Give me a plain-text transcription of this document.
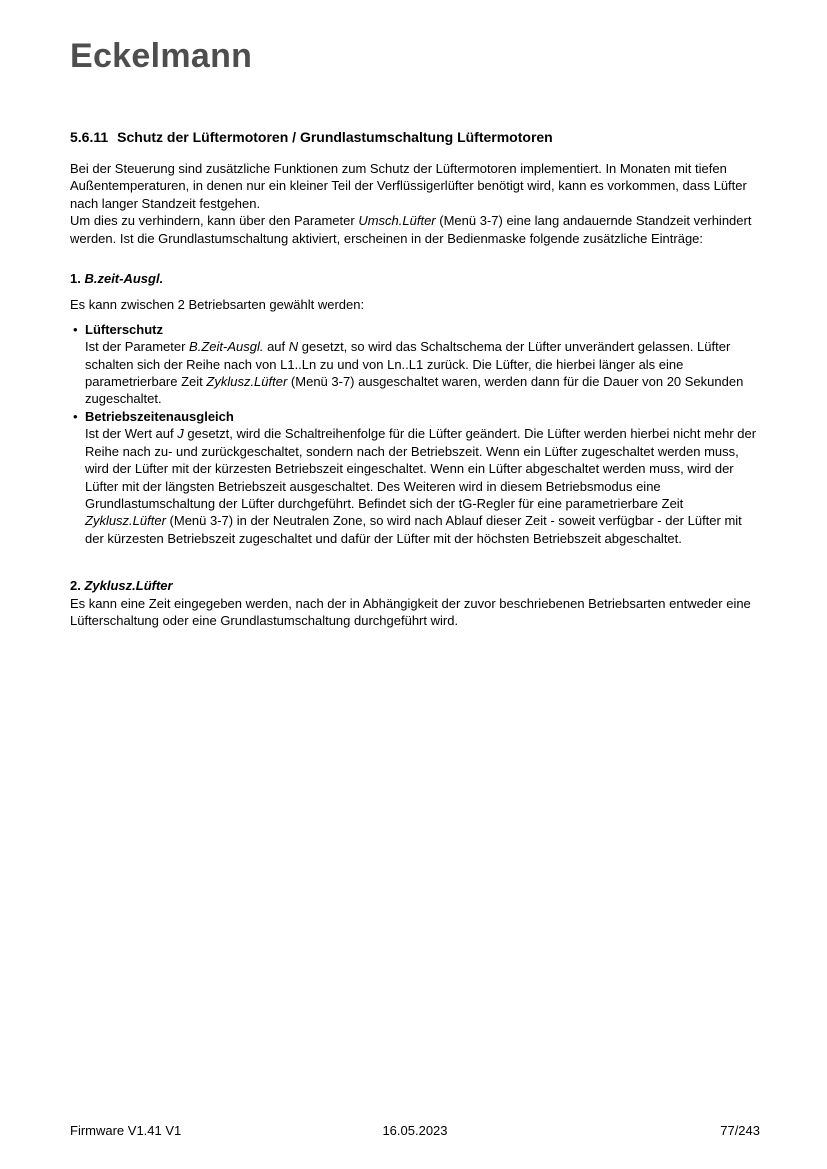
Eckelmann
5.6.11 Schutz der Lüftermotoren / Grundlastumschaltung Lüftermotoren

Bei der Steuerung sind zusätzliche Funktionen zum Schutz der Lüftermotoren implementiert. In Monaten mit tiefen Außentemperaturen, in denen nur ein kleiner Teil der Verflüssigerlüfter benötigt wird, kann es vorkommen, dass Lüfter nach langer Standzeit festgehen.
Um dies zu verhindern, kann über den Parameter Umsch.Lüfter (Menü 3-7) eine lang andauernde Standzeit verhindert werden. Ist die Grundlastumschaltung aktiviert, erscheinen in der Bedienmaske folgende zusätzliche Einträge:

1. B.zeit-Ausgl.

Es kann zwischen 2 Betriebsarten gewählt werden:

• Lüfterschutz
Ist der Parameter B.Zeit-Ausgl. auf N gesetzt, so wird das Schaltschema der Lüfter unverändert gelassen. Lüfter schalten sich der Reihe nach von L1..Ln zu und von Ln..L1 zurück. Die Lüfter, die hierbei länger als eine parametrierbare Zeit Zyklusz.Lüfter (Menü 3-7) ausgeschaltet waren, werden dann für die Dauer von 20 Sekunden zugeschaltet.
• Betriebszeitenausgleich
Ist der Wert auf J gesetzt, wird die Schaltreihenfolge für die Lüfter geändert. Die Lüfter werden hierbei nicht mehr der Reihe nach zu- und zurückgeschaltet, sondern nach der Betriebszeit. Wenn ein Lüfter zugeschaltet werden muss, wird der Lüfter mit der kürzesten Betriebszeit eingeschaltet. Wenn ein Lüfter abgeschaltet werden muss, wird der Lüfter mit der längsten Betriebszeit ausgeschaltet. Des Weiteren wird in diesem Betriebsmodus eine Grundlastumschaltung der Lüfter durchgeführt. Befindet sich der tG-Regler für eine parametrierbare Zeit Zyklusz.Lüfter (Menü 3-7) in der Neutralen Zone, so wird nach Ablauf dieser Zeit - soweit verfügbar - der Lüfter mit der kürzesten Betriebszeit zugeschaltet und dafür der Lüfter mit der höchsten Betriebszeit abgeschaltet.

2. Zyklusz.Lüfter

Es kann eine Zeit eingegeben werden, nach der in Abhängigkeit der zuvor beschriebenen Betriebsarten entweder eine Lüfterschaltung oder eine Grundlastumschaltung durchgeführt wird.

Firmware V1.41 V1	16.05.2023	77/243
